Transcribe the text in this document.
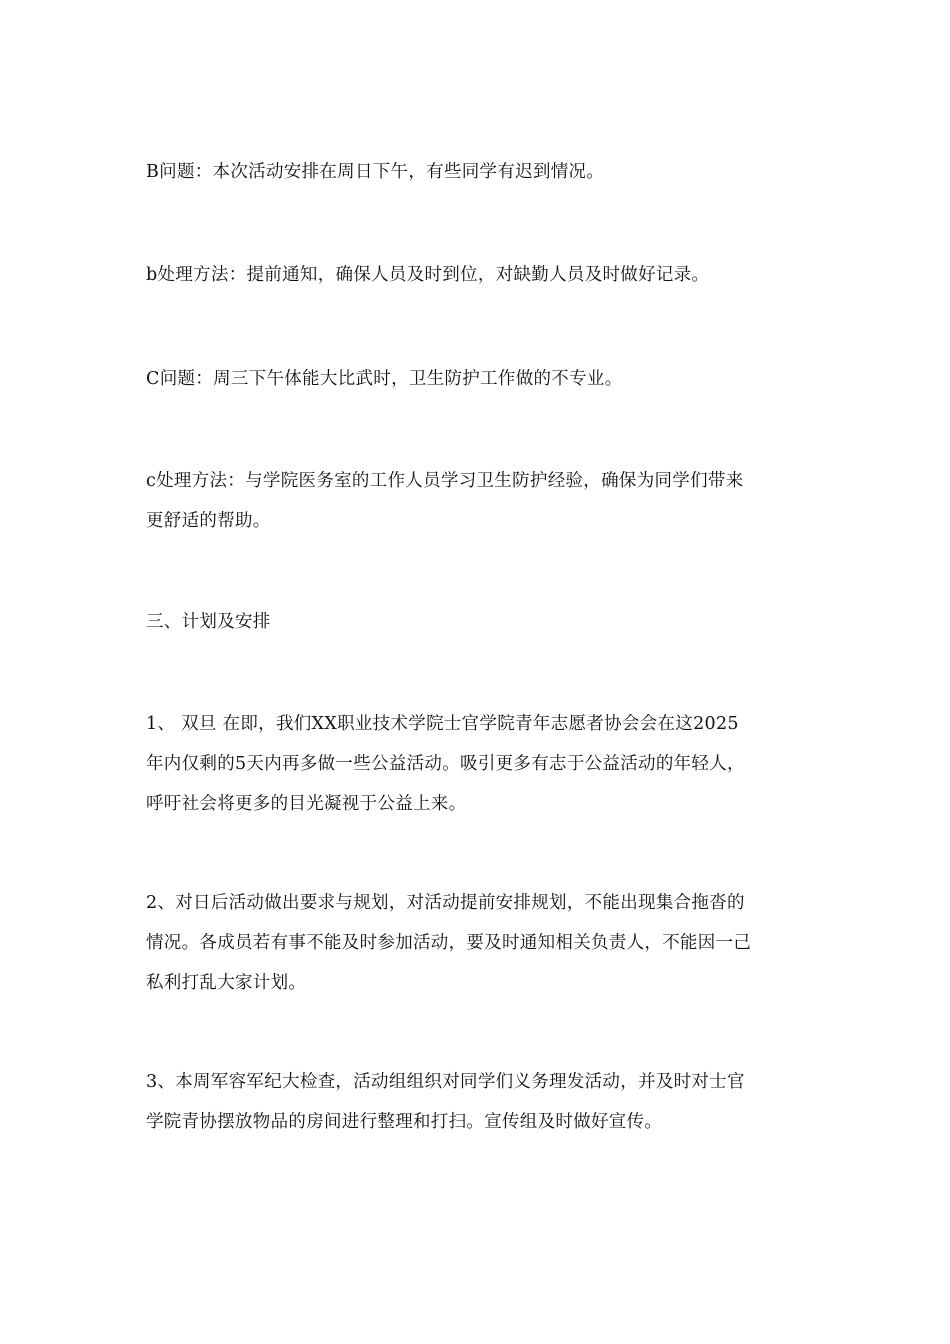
B问题：本次活动安排在周日下午，有些同学有迟到情况。

b处理方法：提前通知，确保人员及时到位，对缺勤人员及时做好记录。

C问题：周三下午体能大比武时，卫生防护工作做的不专业。

c处理方法：与学院医务室的工作人员学习卫生防护经验，确保为同学们带来
更舒适的帮助。

三、计划及安排

1、 双旦 在即，我们XX职业技术学院士官学院青年志愿者协会会在这2025
年内仅剩的5天内再多做一些公益活动。吸引更多有志于公益活动的年轻人，
呼吁社会将更多的目光凝视于公益上来。

2、对日后活动做出要求与规划，对活动提前安排规划，不能出现集合拖沓的
情况。各成员若有事不能及时参加活动，要及时通知相关负责人，不能因一己
私利打乱大家计划。

3、本周军容军纪大检查，活动组组织对同学们义务理发活动，并及时对士官
学院青协摆放物品的房间进行整理和打扫。宣传组及时做好宣传。
